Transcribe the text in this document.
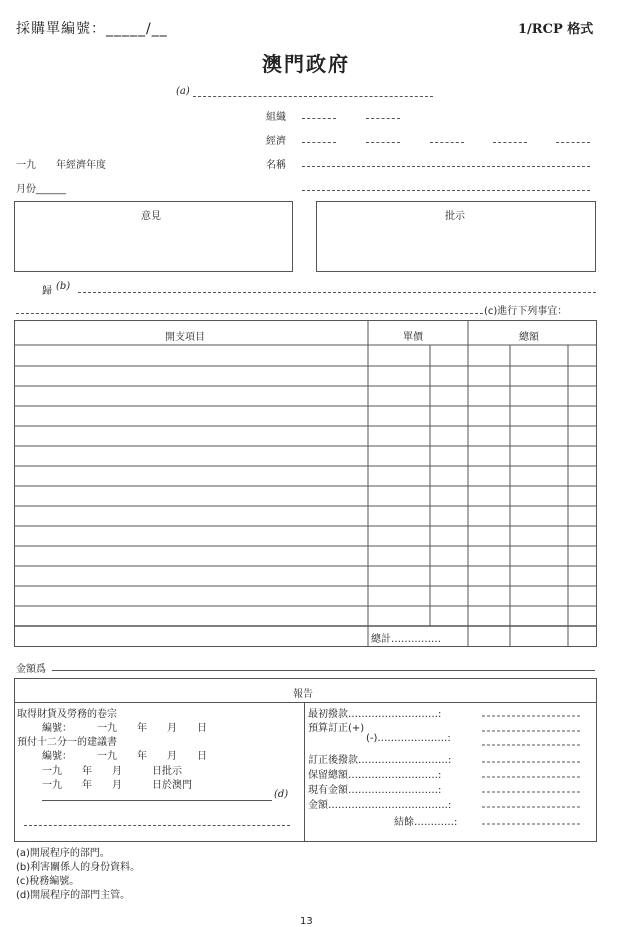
採購單編號：_____/__	1/RCP 格式
澳門政府
(a)
組織
經濟
一九　　年經濟年度	名稱
月份______
意見	批示
歸 (b)
(c)進行下列事宜：
開支項目	單價	總額
總計……………
金額爲
報告
取得財貨及勞務的卷宗
編號：　　　一九　　年　　月　　日
預付十二分一的建議書
編號：　　　一九　　年　　月　　日
一九　　年　　月　　　日批示
一九　　年　　月　　　日於澳門
(d)
最初撥款………………………:
預算訂正(+)
(-)…………………:
訂正後撥款………………………:
保留總額………………………:
現有金額………………………:
金額………………………………:
結餘…………:
(a)開展程序的部門。
(b)利害關係人的身份資料。
(c)稅務編號。
(d)開展程序的部門主管。
13
